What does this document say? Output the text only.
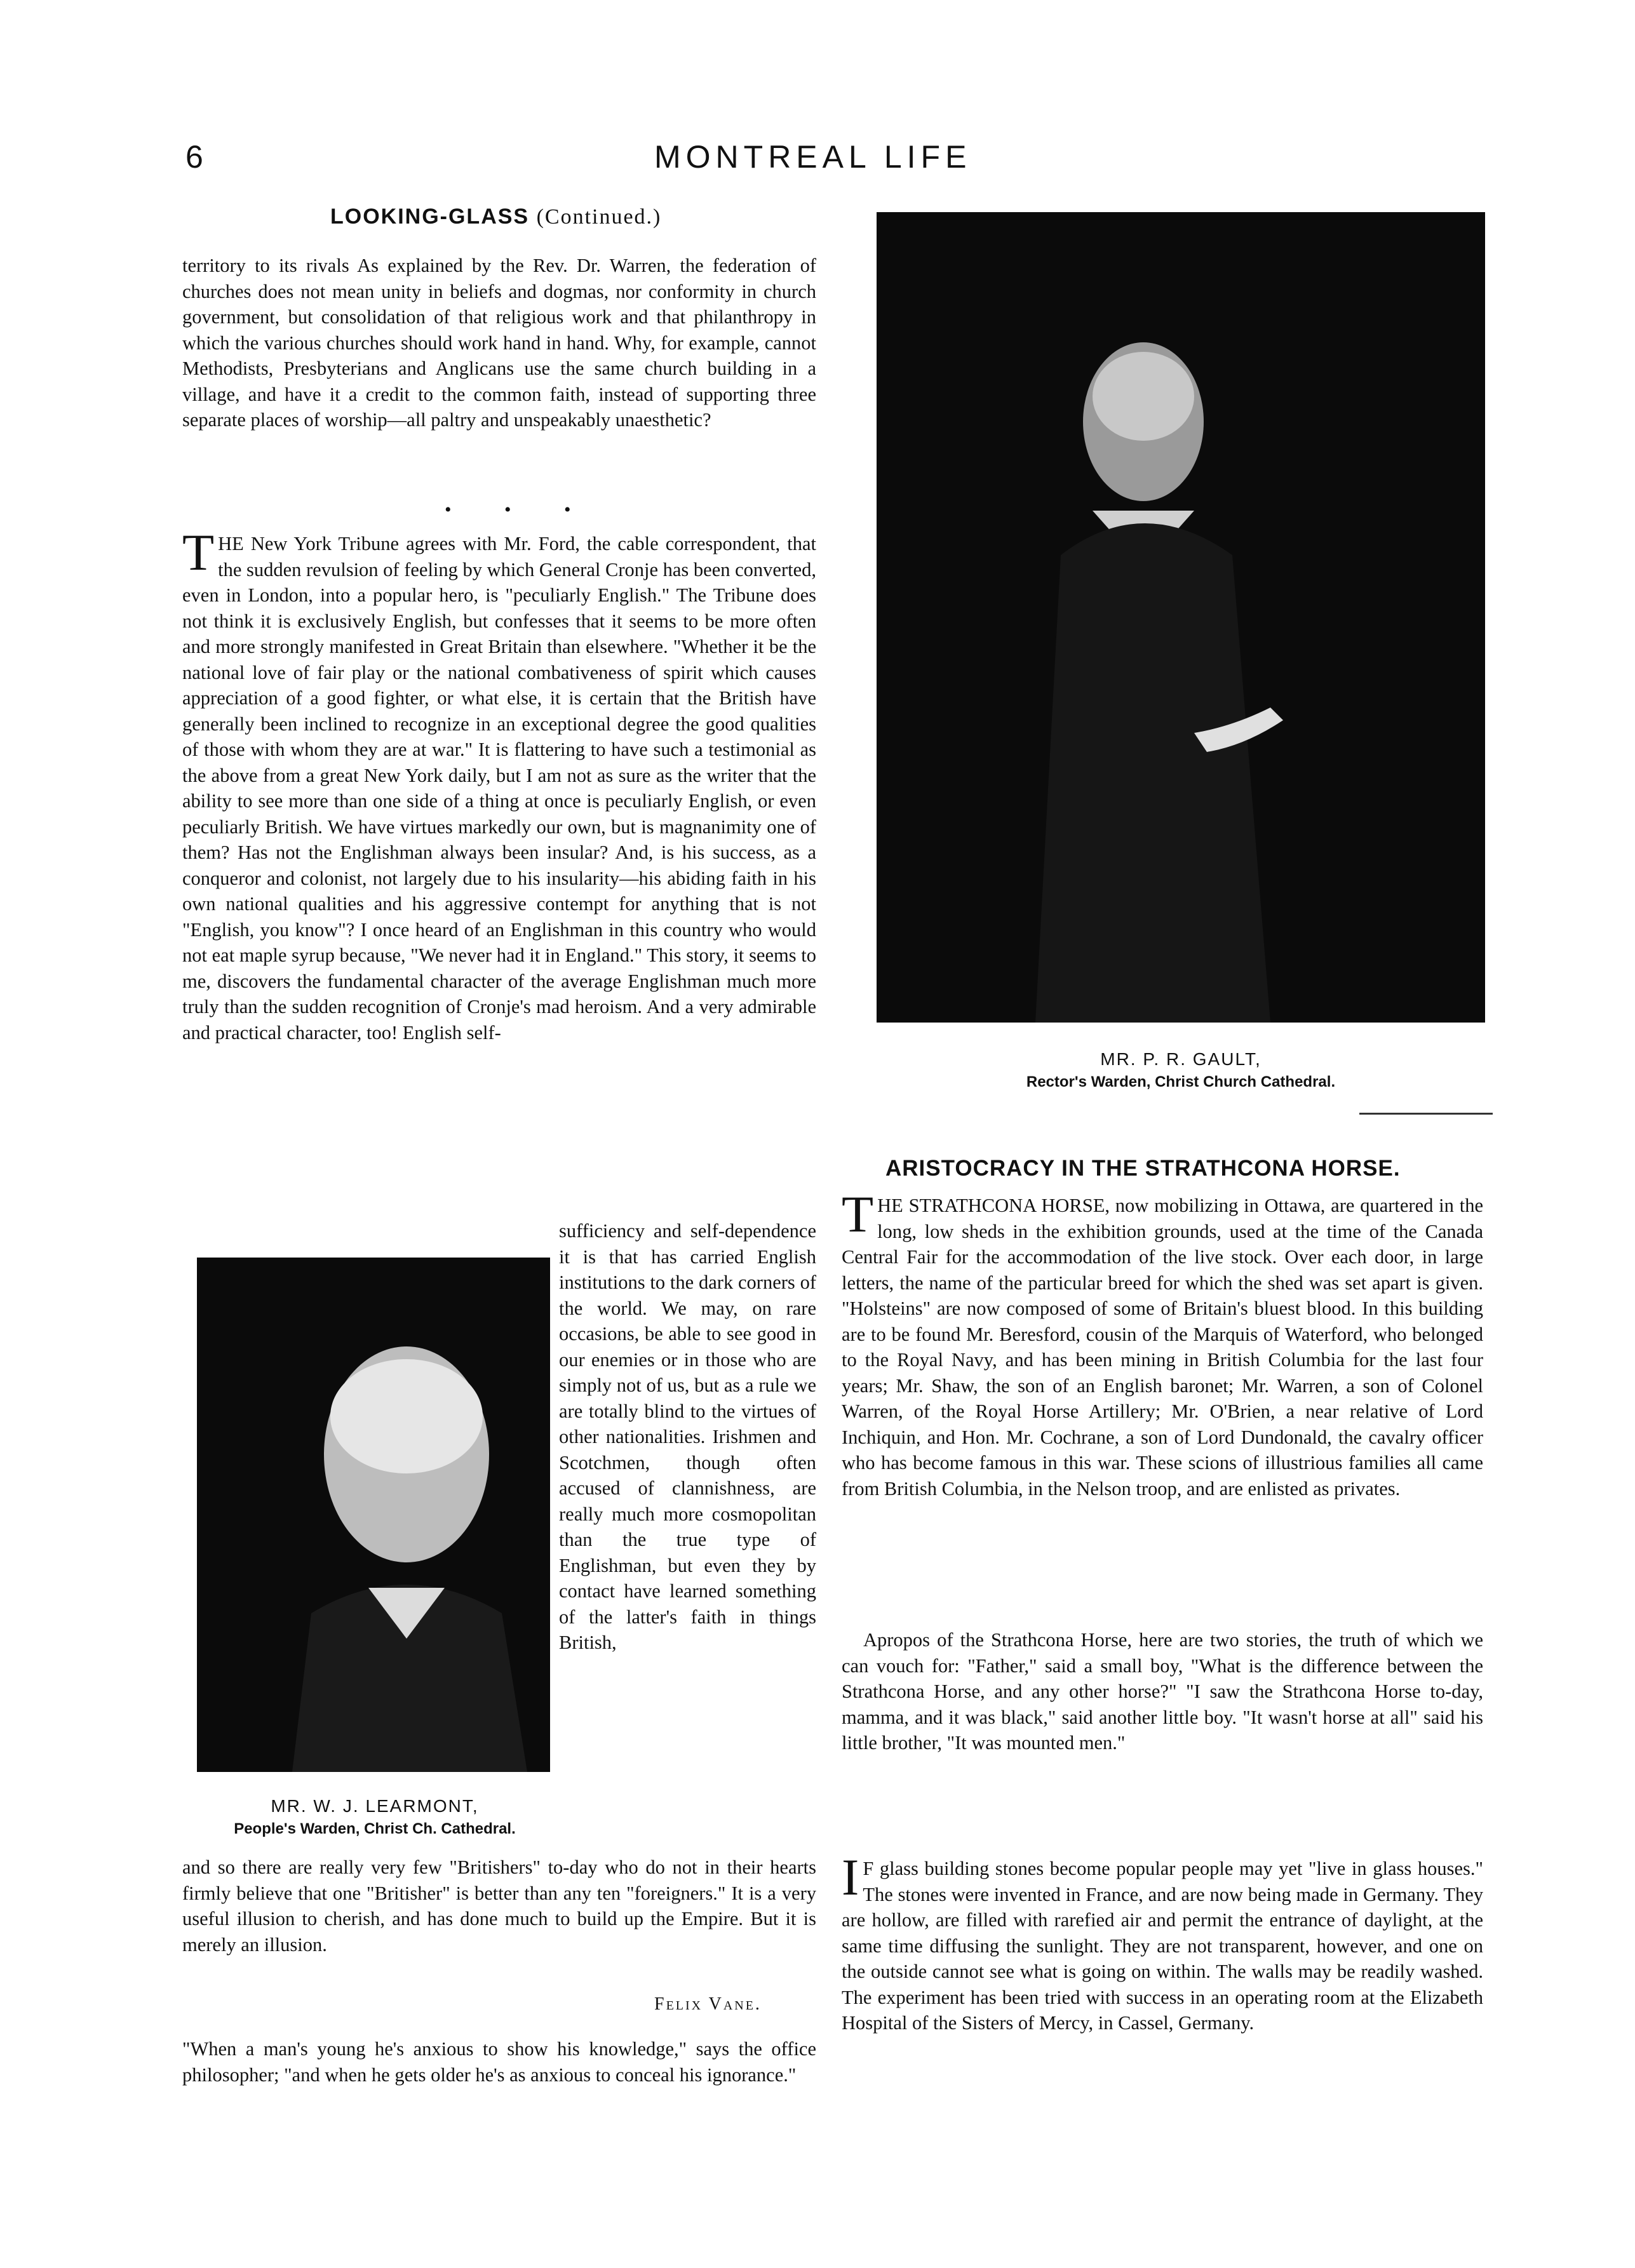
6	MONTREAL LIFE
LOOKING-GLASS (Continued.)

territory to its rivals As explained by the Rev. Dr. Warren, the federation of churches does not mean unity in beliefs and dogmas, nor conformity in church government, but consolidation of that religious work and that philanthropy in which the various churches should work hand in hand. Why, for example, cannot Methodists, Presbyterians and Anglicans use the same church building in a village, and have it a credit to the common faith, instead of supporting three separate places of worship—all paltry and unspeakably unaesthetic?

• • •

THE New York Tribune agrees with Mr. Ford, the cable correspondent, that the sudden revulsion of feeling by which General Cronje has been converted, even in London, into a popular hero, is "peculiarly English." The Tribune does not think it is exclusively English, but confesses that it seems to be more often and more strongly manifested in Great Britain than elsewhere. "Whether it be the national love of fair play or the national combativeness of spirit which causes appreciation of a good fighter, or what else, it is certain that the British have generally been inclined to recognize in an exceptional degree the good qualities of those with whom they are at war." It is flattering to have such a testimonial as the above from a great New York daily, but I am not as sure as the writer that the ability to see more than one side of a thing at once is peculiarly English, or even peculiarly British. We have virtues markedly our own, but is magnanimity one of them? Has not the Englishman always been insular? And, is his success, as a conqueror and colonist, not largely due to his insularity—his abiding faith in his own national qualities and his aggressive contempt for anything that is not "English, you know"? I once heard of an Englishman in this country who would not eat maple syrup because, "We never had it in England." This story, it seems to me, discovers the fundamental character of the average Englishman much more truly than the sudden recognition of Cronje's mad heroism. And a very admirable and practical character, too! English self-

MR. W. J. LEARMONT,
People's Warden, Christ Ch. Cathedral.

sufficiency and self-dependence it is that has carried English institutions to the dark corners of the world. We may, on rare occasions, be able to see good in our enemies or in those who are simply not of us, but as a rule we are totally blind to the virtues of other nationalities. Irishmen and Scotchmen, though often accused of clannishness, are really much more cosmopolitan than the true type of Englishman, but even they by contact have learned something of the latter's faith in things British,

and so there are really very few "Britishers" to-day who do not in their hearts firmly believe that one "Britisher" is better than any ten "foreigners." It is a very useful illusion to cherish, and has done much to build up the Empire. But it is merely an illusion.

Felix Vane.

"When a man's young he's anxious to show his knowledge," says the office philosopher; "and when he gets older he's as anxious to conceal his ignorance."

MR. P. R. GAULT,
Rector's Warden, Christ Church Cathedral.
ARISTOCRACY IN THE STRATHCONA HORSE.

THE STRATHCONA HORSE, now mobilizing in Ottawa, are quartered in the long, low sheds in the exhibition grounds, used at the time of the Canada Central Fair for the accommodation of the live stock. Over each door, in large letters, the name of the particular breed for which the shed was set apart is given. "Holsteins" are now composed of some of Britain's bluest blood. In this building are to be found Mr. Beresford, cousin of the Marquis of Waterford, who belonged to the Royal Navy, and has been mining in British Columbia for the last four years; Mr. Shaw, the son of an English baronet; Mr. Warren, a son of Colonel Warren, of the Royal Horse Artillery; Mr. O'Brien, a near relative of Lord Inchiquin, and Hon. Mr. Cochrane, a son of Lord Dundonald, the cavalry officer who has become famous in this war. These scions of illustrious families all came from British Columbia, in the Nelson troop, and are enlisted as privates.

Apropos of the Strathcona Horse, here are two stories, the truth of which we can vouch for: "Father," said a small boy, "What is the difference between the Strathcona Horse, and any other horse?" "I saw the Strathcona Horse to-day, mamma, and it was black," said another little boy. "It wasn't horse at all" said his little brother, "It was mounted men."

I F glass building stones become popular people may yet "live in glass houses." The stones were invented in France, and are now being made in Germany. They are hollow, are filled with rarefied air and permit the entrance of daylight, at the same time diffusing the sunlight. They are not transparent, however, and one on the outside cannot see what is going on within. The walls may be readily washed. The experiment has been tried with success in an operating room at the Elizabeth Hospital of the Sisters of Mercy, in Cassel, Germany.
